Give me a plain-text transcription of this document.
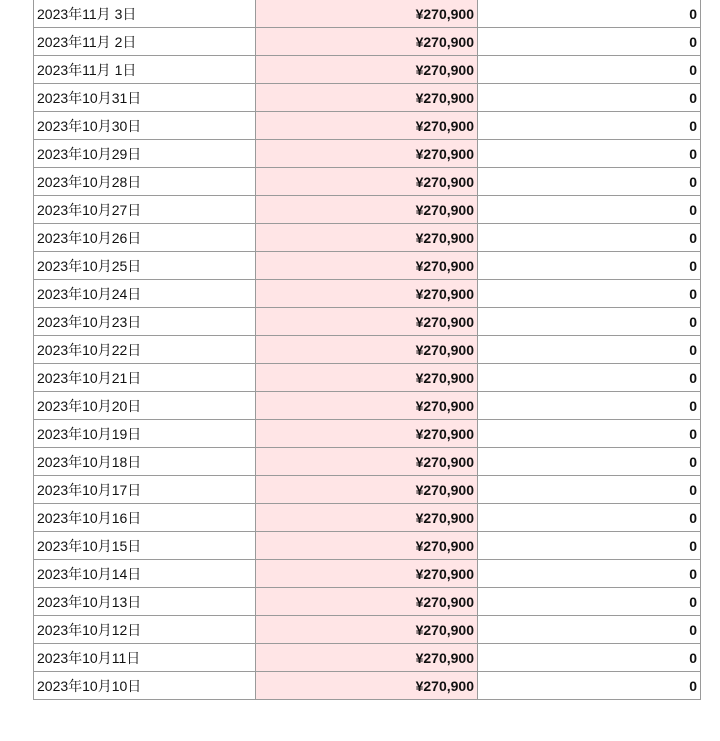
2023年11月 3日	¥270,900	0
2023年11月 2日	¥270,900	0
2023年11月 1日	¥270,900	0
2023年10月31日	¥270,900	0
2023年10月30日	¥270,900	0
2023年10月29日	¥270,900	0
2023年10月28日	¥270,900	0
2023年10月27日	¥270,900	0
2023年10月26日	¥270,900	0
2023年10月25日	¥270,900	0
2023年10月24日	¥270,900	0
2023年10月23日	¥270,900	0
2023年10月22日	¥270,900	0
2023年10月21日	¥270,900	0
2023年10月20日	¥270,900	0
2023年10月19日	¥270,900	0
2023年10月18日	¥270,900	0
2023年10月17日	¥270,900	0
2023年10月16日	¥270,900	0
2023年10月15日	¥270,900	0
2023年10月14日	¥270,900	0
2023年10月13日	¥270,900	0
2023年10月12日	¥270,900	0
2023年10月11日	¥270,900	0
2023年10月10日	¥270,900	0
